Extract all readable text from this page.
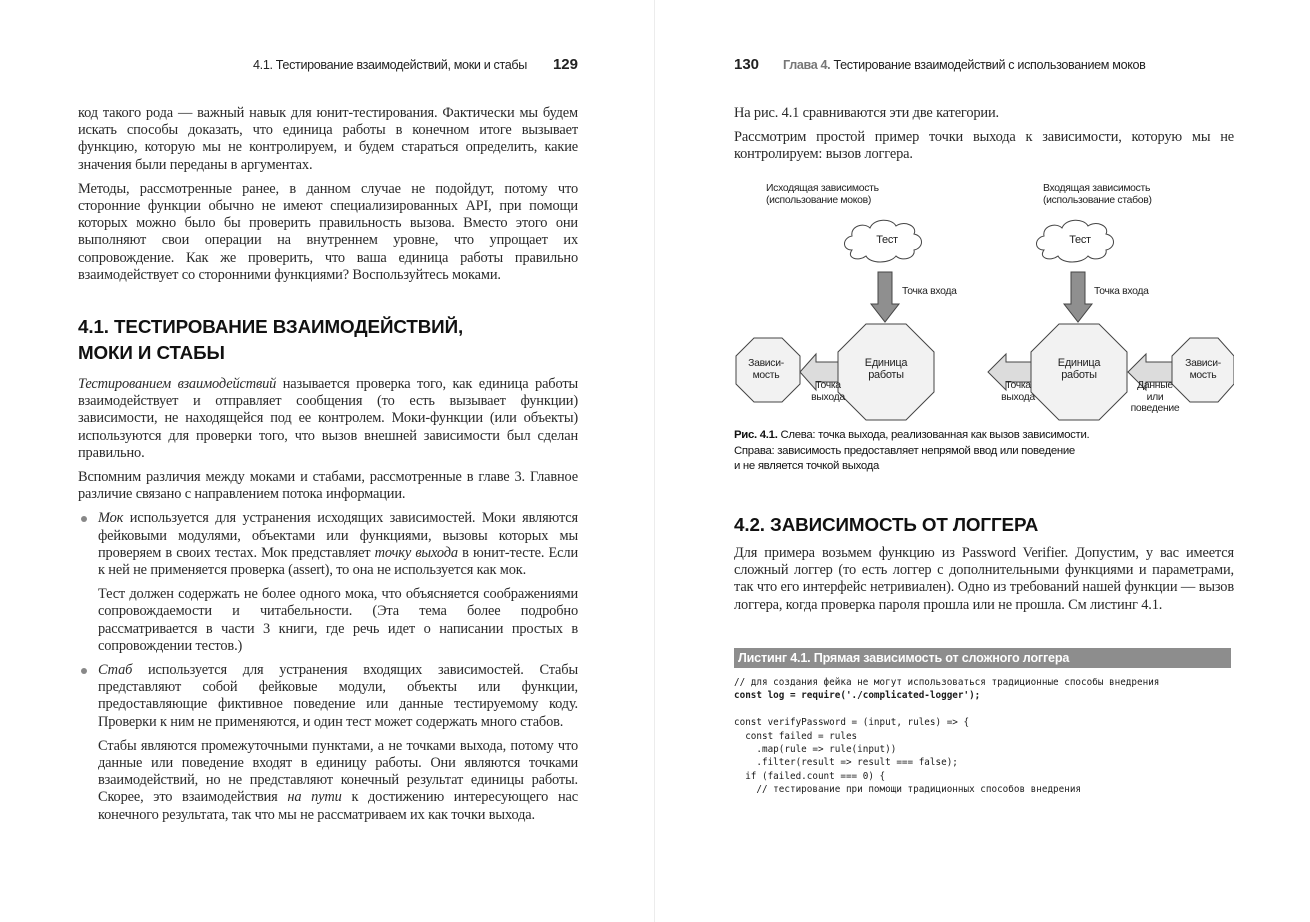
4.1. Тестирование взаимодействий, моки и стабы 129

код такого рода — важный навык для юнит-тестирования. Фактически мы будем искать способы доказать, что единица работы в конечном итоге вызывает функцию, которую мы не контролируем, и будем стараться определить, какие значения были переданы в аргументах.

Методы, рассмотренные ранее, в данном случае не подойдут, потому что сторонние функции обычно не имеют специализированных API, при помощи которых можно было бы проверить правильность вызова. Вместо этого они выполняют свои операции на внутреннем уровне, что упрощает их сопровождение. Как же проверить, что ваша единица работы правильно взаимодействует со сторонними функциями? Воспользуйтесь моками.

4.1. ТЕСТИРОВАНИЕ ВЗАИМОДЕЙСТВИЙ,
МОКИ И СТАБЫ

Тестированием взаимодействий называется проверка того, как единица работы взаимодействует и отправляет сообщения (то есть вызывает функции) зависимости, не находящейся под ее контролем. Моки-функции (или объекты) используются для проверки того, что вызов внешней зависимости был сделан правильно.

Вспомним различия между моками и стабами, рассмотренные в главе 3. Главное различие связано с направлением потока информации.

Мок используется для устранения исходящих зависимостей. Моки являются фейковыми модулями, объектами или функциями, вызовы которых мы проверяем в своих тестах. Мок представляет точку выхода в юнит-тесте. Если к ней не применяется проверка (assert), то она не используется как мок.

Тест должен содержать не более одного мока, что объясняется соображениями сопровождаемости и читабельности. (Эта тема более подробно рассматривается в части 3 книги, где речь идет о написании простых в сопровождении тестов.)

Стаб используется для устранения входящих зависимостей. Стабы представляют собой фейковые модули, объекты или функции, предоставляющие фиктивное поведение или данные тестируемому коду. Проверки к ним не применяются, и один тест может содержать много стабов.

Стабы являются промежуточными пунктами, а не точками выхода, потому что данные или поведение входят в единицу работы. Они являются точками взаимодействий, но не представляют конечный результат единицы работы. Скорее, это взаимодействия на пути к достижению интересующего нас конечного результата, так что мы не рассматриваем их как точки выхода.

130 Глава 4. Тестирование взаимодействий с использованием моков

На рис. 4.1 сравниваются эти две категории.

Рассмотрим простой пример точки выхода к зависимости, которую мы не контролируем: вызов логгера.

Исходящая зависимость
(использование моков)
Тест
Точка входа
Единица
работы
Зависи-
мость
Точка
выхода
Входящая зависимость
(использование стабов)
Тест
Точка входа
Единица
работы
Зависи-
мость
Точка
выхода
Данные
или
поведение
Рис. 4.1. Слева: точка выхода, реализованная как вызов зависимости.
Справа: зависимость предоставляет непрямой ввод или поведение
и не является точкой выхода
4.2. ЗАВИСИМОСТЬ ОТ ЛОГГЕРА

Для примера возьмем функцию из Password Verifier. Допустим, у вас имеется сложный логгер (то есть логгер с дополнительными функциями и параметрами, так что его интерфейс нетривиален). Одно из требований нашей функции — вызов логгера, когда проверка пароля прошла или не прошла. См листинг 4.1.

Листинг 4.1. Прямая зависимость от сложного логгера
// для создания фейка не могут использоваться традиционные способы внедрения
const log = require('./complicated-logger');

const verifyPassword = (input, rules) => {
const failed = rules
.map(rule => rule(input))
.filter(result => result === false);
if (failed.count === 0) {
// тестирование при помощи традиционных способов внедрения
